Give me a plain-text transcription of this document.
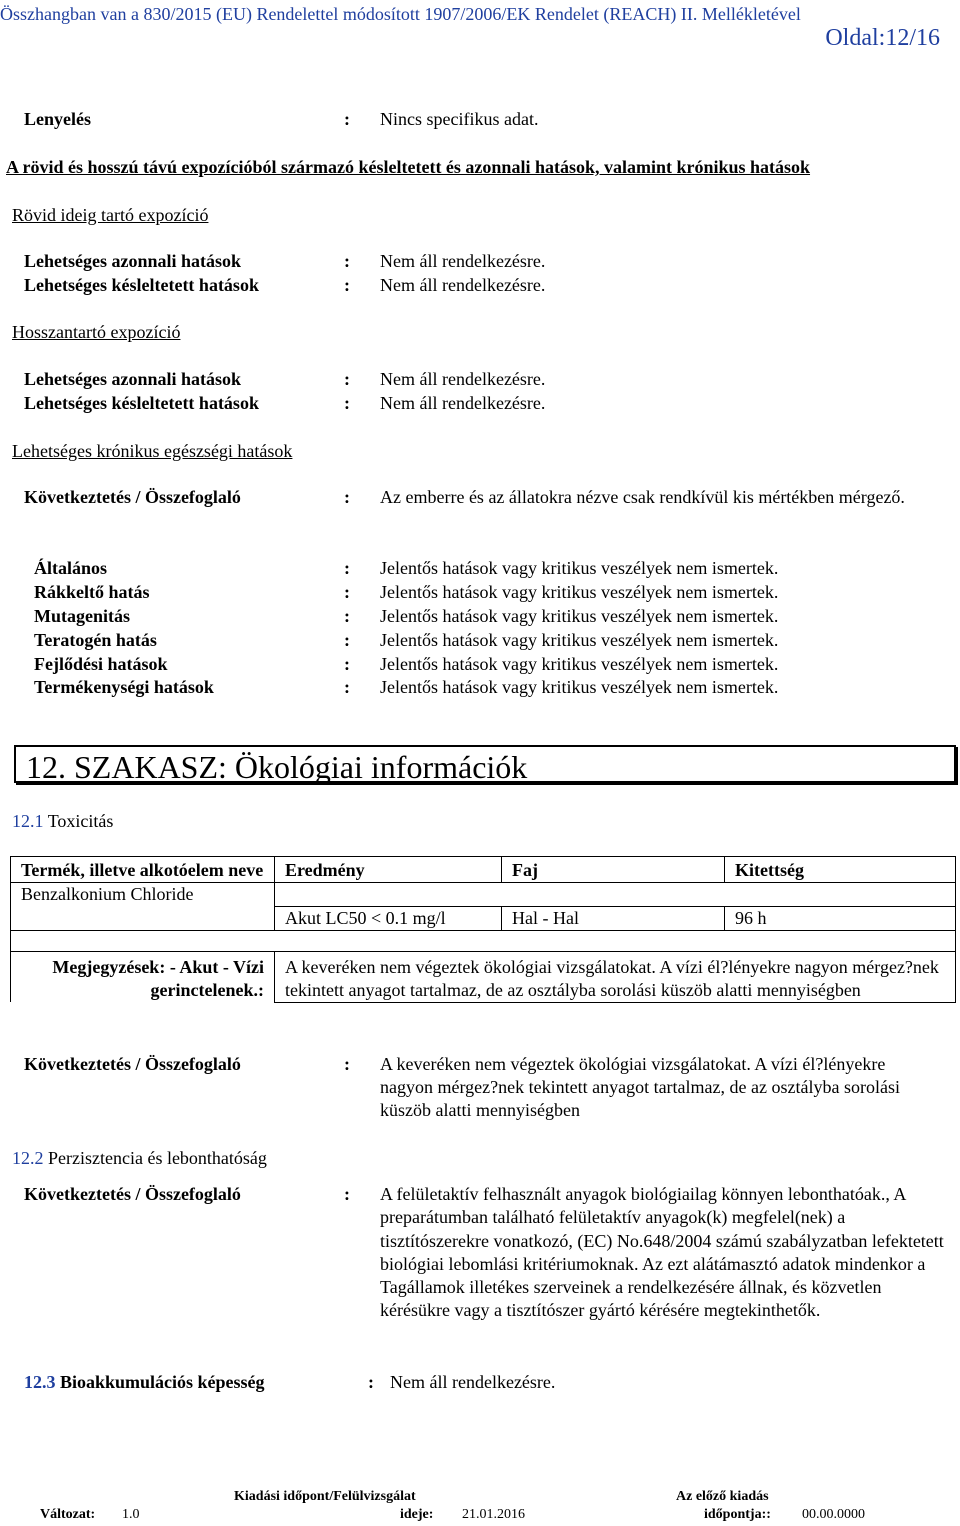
Összhangban van a 830/2015 (EU) Rendelettel módosított 1907/2006/EK Rendelet (REACH) II. Mellékletével
Oldal:12/16
Lenyelés	: Nincs specifikus adat.
A rövid és hosszú távú expozícióból származó késleltetett és azonnali hatások, valamint krónikus hatások
Rövid ideig tartó expozíció
Lehetséges azonnali hatások	: Nem áll rendelkezésre.
Lehetséges késleltetett hatások	: Nem áll rendelkezésre.
Hosszantartó expozíció
Lehetséges azonnali hatások	: Nem áll rendelkezésre.
Lehetséges késleltetett hatások	: Nem áll rendelkezésre.
Lehetséges krónikus egészségi hatások
Következtetés / Összefoglaló	: Az emberre és az állatokra nézve csak rendkívül kis mértékben mérgező.
Általános	: Jelentős hatások vagy kritikus veszélyek nem ismertek.
Rákkeltő hatás	: Jelentős hatások vagy kritikus veszélyek nem ismertek.
Mutagenitás	: Jelentős hatások vagy kritikus veszélyek nem ismertek.
Teratogén hatás	: Jelentős hatások vagy kritikus veszélyek nem ismertek.
Fejlődési hatások	: Jelentős hatások vagy kritikus veszélyek nem ismertek.
Termékenységi hatások	: Jelentős hatások vagy kritikus veszélyek nem ismertek.
12. SZAKASZ: Ökológiai információk
12.1 Toxicitás
Termék, illetve alkotóelem neve	Eredmény	Faj	Kitettség
Benzalkonium Chloride			
	Akut LC50 < 0.1 mg/l	Hal - Hal	96 h

Megjegyzések: - Akut - Vízi gerinctelenek.:	A keveréken nem végeztek ökológiai vizsgálatokat. A vízi él?lényekre nagyon mérgez?nek tekintett anyagot tartalmaz, de az osztályba sorolási küszöb alatti mennyiségben		
Következtetés / Összefoglaló	: A keveréken nem végeztek ökológiai vizsgálatokat. A vízi él?lényekre nagyon mérgez?nek tekintett anyagot tartalmaz, de az osztályba sorolási küszöb alatti mennyiségben
12.2 Perzisztencia és lebonthatóság
Következtetés / Összefoglaló	: A felületaktív felhasznált anyagok biológiailag könnyen lebonthatóak., A preparátumban található felületaktív anyagok(k) megfelel(nek) a tisztítószerekre vonatkozó, (EC) No.648/2004 számú szabályzatban lefektetett biológiai lebomlási kritériumoknak. Az ezt alátámasztó adatok mindenkor a Tagállamok illetékes szerveinek a rendelkezésére állnak, és közvetlen kérésükre vagy a tisztítószer gyártó kérésére megtekinthetők.
12.3 Bioakkumulációs képesség	: Nem áll rendelkezésre.
Változat: 1.0
Kiadási időpont/Felülvizsgálat
ideje: 21.01.2016
Az előző kiadás
időpontja:: 00.00.0000
